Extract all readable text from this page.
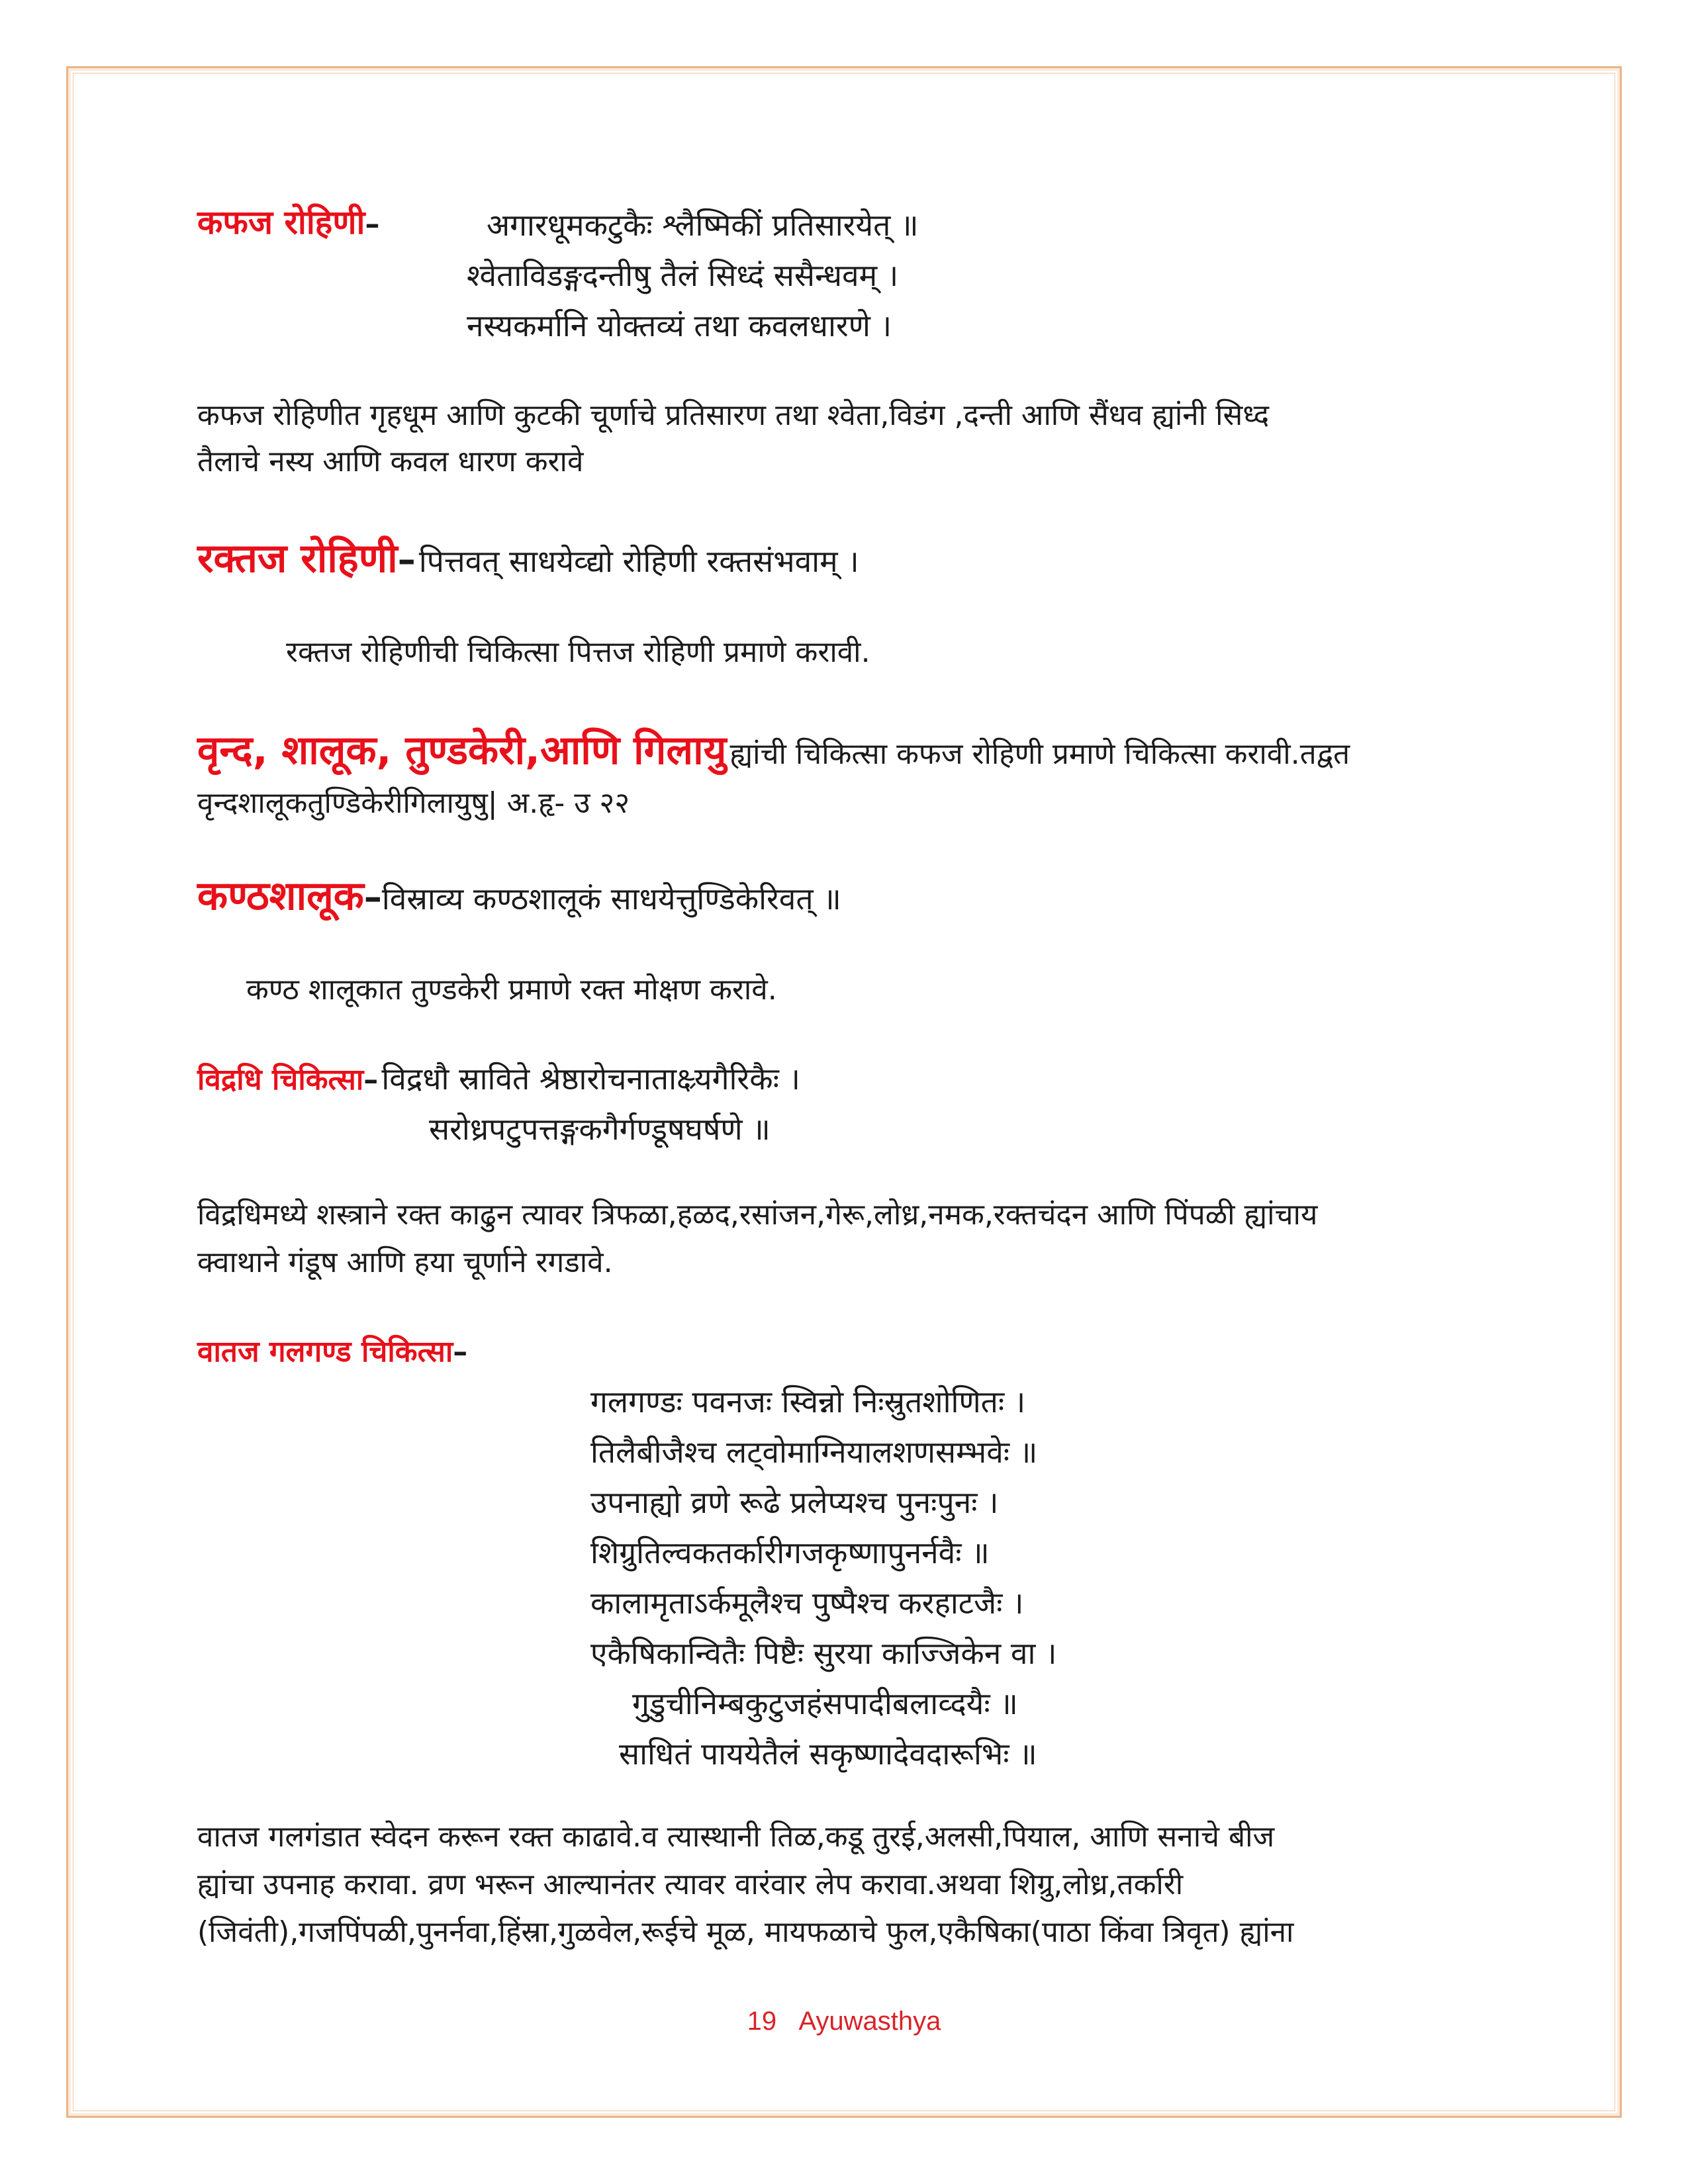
कफज रोहिणी–	अगारधूमकटुकैः श्लैष्मिकीं प्रतिसारयेत् ॥
श्वेताविडङ्गदन्तीषु तैलं सिध्दं ससैन्धवम् ।
नस्यकर्मानि योक्तव्यं तथा कवलधारणे ।
कफज रोहिणीत गृहधूम आणि कुटकी चूर्णाचे प्रतिसारण तथा श्वेता,विडंग ,दन्ती आणि सैंधव ह्यांनी सिध्द
तैलाचे नस्य आणि कवल धारण करावे
रक्तज रोहिणी– पित्तवत् साधयेव्द्यो रोहिणी रक्तसंभवाम् ।
रक्तज रोहिणीची चिकित्सा पित्तज रोहिणी प्रमाणे करावी.
वृन्द, शालूक, तुण्डकेरी,आणि गिलायु ह्यांची चिकित्सा कफज रोहिणी प्रमाणे चिकित्सा करावी.तद्वत
वृन्दशालूकतुण्डिकेरीगिलायुषु| अ.हृ- उ २२
कण्ठशालूक–विस्राव्य कण्ठशालूकं साधयेत्तुण्डिकेरिवत् ॥
कण्ठ शालूकात तुण्डकेरी प्रमाणे रक्त मोक्षण करावे.
विद्रधि चिकित्सा– विद्रधौ स्राविते श्रेष्ठारोचनाताक्ष्र्यगैरिकैः ।
सरोध्रपटुपत्तङ्गकगैर्गण्डूषघर्षणे ॥
विद्रधिमध्ये शस्त्राने रक्त काढुन त्यावर त्रिफळा,हळद,रसांजन,गेरू,लोध्र,नमक,रक्तचंदन आणि पिंपळी ह्यांचाय
क्वाथाने गंडूष आणि हया चूर्णाने रगडावे.
वातज गलगण्ड चिकित्सा–
गलगण्डः पवनजः स्विन्नो निःस्रुतशोणितः ।
तिलैबीजैश्च लट्वोमाग्नियालशणसम्भवेः ॥
उपनाह्यो व्रणे रूढे प्रलेप्यश्च पुनःपुनः ।
शिग्रुतिल्वकतर्कारीगजकृष्णापुनर्नवैः ॥
कालामृताऽर्कमूलैश्च पुष्पैश्च करहाटजैः ।
एकैषिकान्वितैः पिष्टैः सुरया काज्जिकेन वा ।
गुडुचीनिम्बकुटुजहंसपादीबलाव्दयैः ॥
साधितं पाययेतैलं सकृष्णादेवदारूभिः ॥
वातज गलगंडात स्वेदन करून रक्त काढावे.व त्यास्थानी तिळ,कडू तुरई,अलसी,पियाल, आणि सनाचे बीज
ह्यांचा उपनाह करावा. व्रण भरून आल्यानंतर त्यावर वारंवार लेप करावा.अथवा शिग्रु,लोध्र,तर्कारी
(जिवंती),गजपिंपळी,पुनर्नवा,हिंस्रा,गुळवेल,रूईचे मूळ, मायफळाचे फुल,एकैषिका(पाठा किंवा त्रिवृत) ह्यांना
19 Ayuwasthya
